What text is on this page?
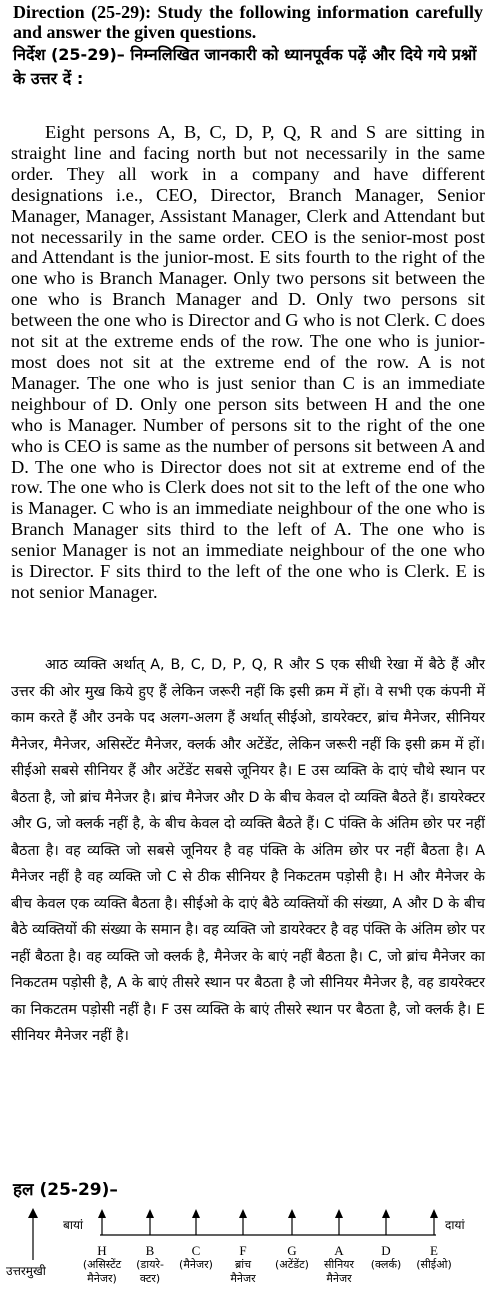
Direction (25-29): Study the following information carefully and answer the given questions.
निर्देश (25-29)– निम्नलिखित जानकारी को ध्यानपूर्वक पढ़ें और दिये गये प्रश्नों के उत्तर दें :

Eight persons A, B, C, D, P, Q, R and S are sitting in straight line and facing north but not necessarily in the same order. They all work in a company and have different designations i.e., CEO, Director, Branch Manager, Senior Manager, Manager, Assistant Manager, Clerk and Attendant but not necessarily in the same order. CEO is the senior-most post and Attendant is the junior-most. E sits fourth to the right of the one who is Branch Manager. Only two persons sit between the one who is Branch Manager and D. Only two persons sit between the one who is Director and G who is not Clerk. C does not sit at the extreme ends of the row. The one who is junior-most does not sit at the extreme end of the row. A is not Manager. The one who is just senior than C is an immediate neighbour of D. Only one person sits between H and the one who is Manager. Number of persons sit to the right of the one who is CEO is same as the number of persons sit between A and D. The one who is Director does not sit at extreme end of the row. The one who is Clerk does not sit to the left of the one who is Manager. C who is an immediate neighbour of the one who is Branch Manager sits third to the left of A. The one who is senior Manager is not an immediate neighbour of the one who is Director. F sits third to the left of the one who is Clerk. E is not senior Manager.

आठ व्यक्ति अर्थात् A, B, C, D, P, Q, R और S एक सीधी रेखा में बैठे हैं और उत्तर की ओर मुख किये हुए हैं लेकिन जरूरी नहीं कि इसी क्रम में हों। वे सभी एक कंपनी में काम करते हैं और उनके पद अलग-अलग हैं अर्थात् सीईओ, डायरेक्टर, ब्रांच मैनेजर, सीनियर मैनेजर, मैनेजर, असिस्टेंट मैनेजर, क्लर्क और अटेंडेंट, लेकिन जरूरी नहीं कि इसी क्रम में हों। सीईओ सबसे सीनियर हैं और अटेंडेंट सबसे जूनियर है। E उस व्यक्ति के दाएं चौथे स्थान पर बैठता है, जो ब्रांच मैनेजर है। ब्रांच मैनेजर और D के बीच केवल दो व्यक्ति बैठते हैं। डायरेक्टर और G, जो क्लर्क नहीं है, के बीच केवल दो व्यक्ति बैठते हैं। C पंक्ति के अंतिम छोर पर नहीं बैठता है। वह व्यक्ति जो सबसे जूनियर है वह पंक्ति के अंतिम छोर पर नहीं बैठता है। A मैनेजर नहीं है वह व्यक्ति जो C से ठीक सीनियर है निकटतम पड़ोसी है। H और मैनेजर के बीच केवल एक व्यक्ति बैठता है। सीईओ के दाएं बैठे व्यक्तियों की संख्या, A और D के बीच बैठे व्यक्तियों की संख्या के समान है। वह व्यक्ति जो डायरेक्टर है वह पंक्ति के अंतिम छोर पर नहीं बैठता है। वह व्यक्ति जो क्लर्क है, मैनेजर के बाएं नहीं बैठता है। C, जो ब्रांच मैनेजर का निकटतम पड़ोसी है, A के बाएं तीसरे स्थान पर बैठता है जो सीनियर मैनेजर है, वह डायरेक्टर का निकटतम पड़ोसी नहीं है। F उस व्यक्ति के बाएं तीसरे स्थान पर बैठता है, जो क्लर्क है। E सीनियर मैनेजर नहीं है।

हल (25-29)–
बायां	दायां
उत्तरमुखी
H
(असिस्टेंट
मैनेजर)
B
(डायरे-
क्टर)
C
(मैनेजर)
F
ब्रांच
मैनेजर
G
(अटेंडेंट)
A
सीनियर
मैनेजर
D
(क्लर्क)
E
(सीईओ)
